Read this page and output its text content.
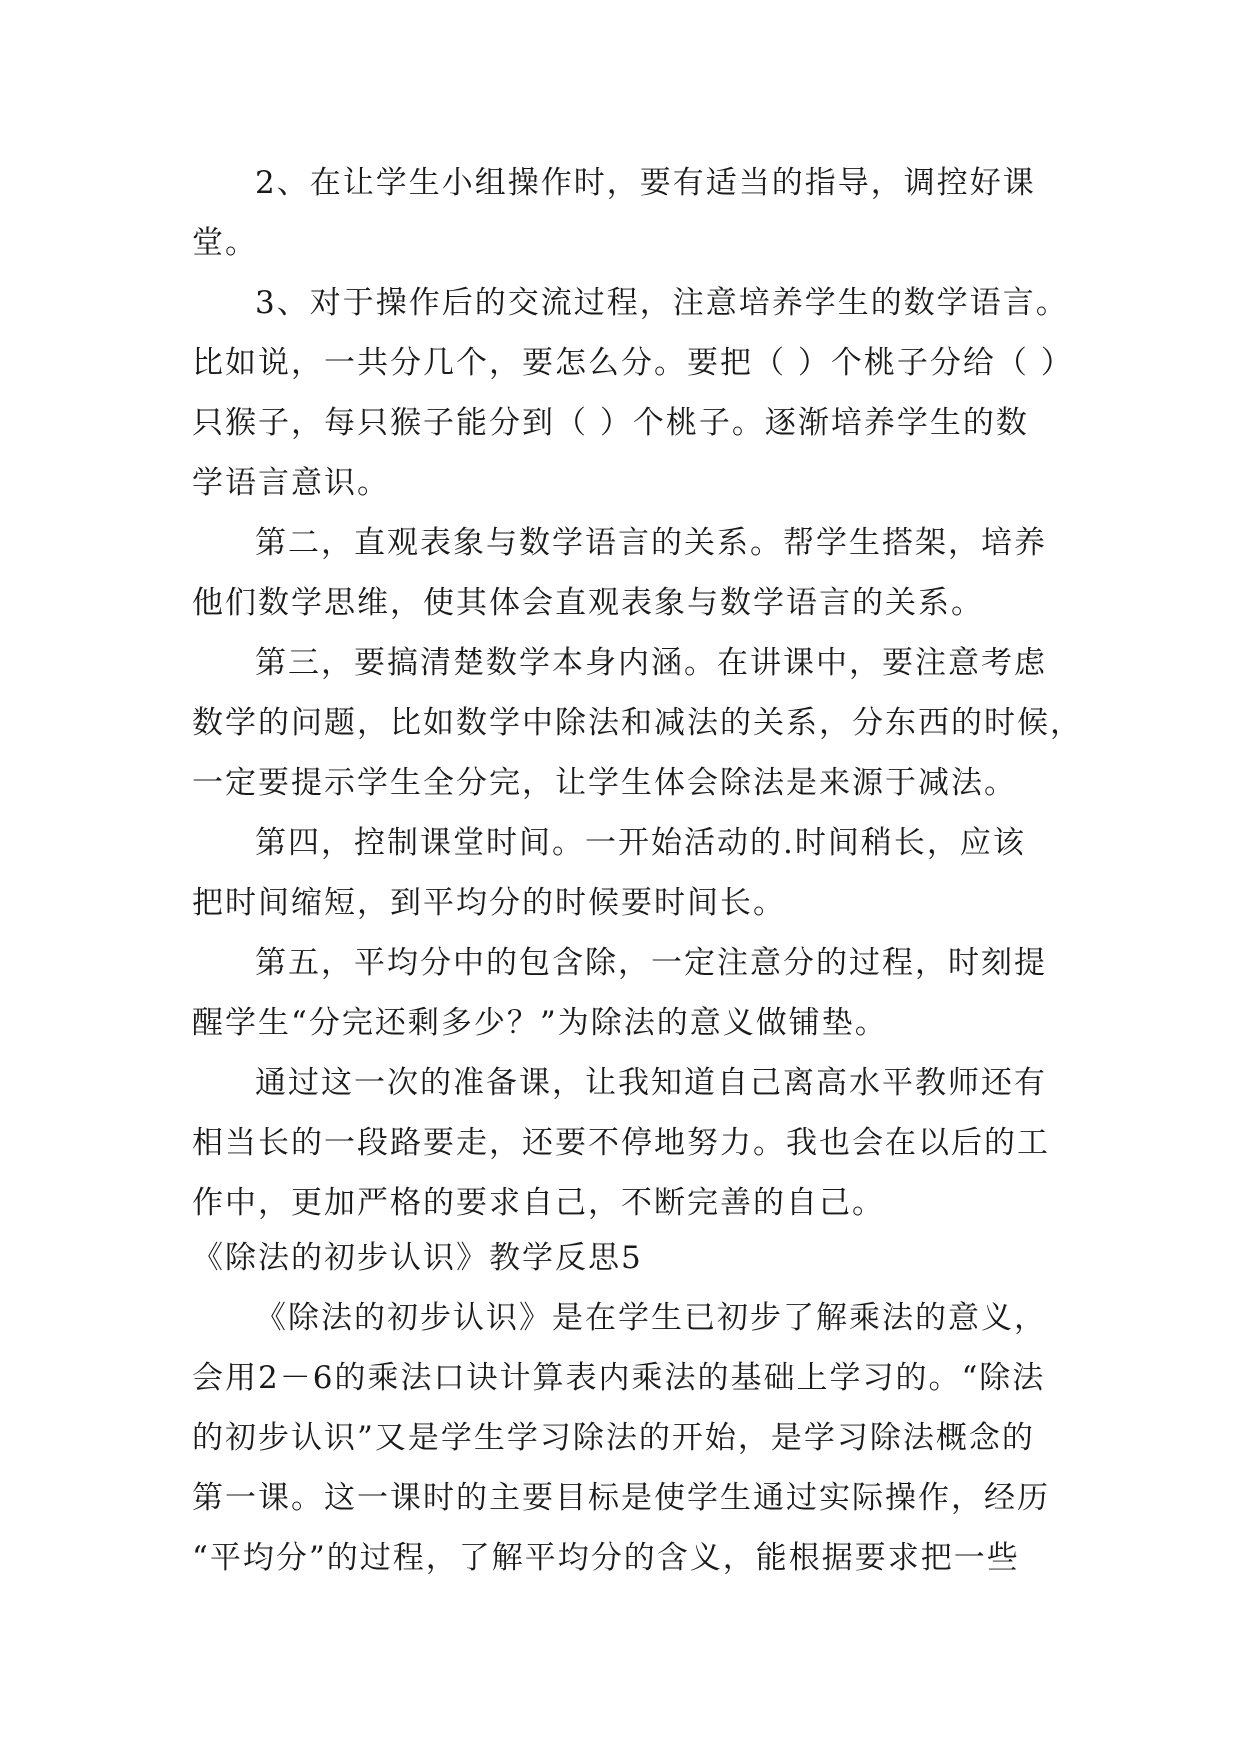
2、在让学生小组操作时，要有适当的指导，调控好课
堂。
3、对于操作后的交流过程，注意培养学生的数学语言。
比如说，一共分几个，要怎么分。要把（ ）个桃子分给（ ）
只猴子，每只猴子能分到（ ）个桃子。逐渐培养学生的数
学语言意识。
第二，直观表象与数学语言的关系。帮学生搭架，培养
他们数学思维，使其体会直观表象与数学语言的关系。
第三，要搞清楚数学本身内涵。在讲课中，要注意考虑
数学的问题，比如数学中除法和减法的关系，分东西的时候，
一定要提示学生全分完，让学生体会除法是来源于减法。
第四，控制课堂时间。一开始活动的.时间稍长，应该
把时间缩短，到平均分的时候要时间长。
第五，平均分中的包含除，一定注意分的过程，时刻提
醒学生“分完还剩多少？”为除法的意义做铺垫。
通过这一次的准备课，让我知道自己离高水平教师还有
相当长的一段路要走，还要不停地努力。我也会在以后的工
作中，更加严格的要求自己，不断完善的自己。
《除法的初步认识》教学反思5
《除法的初步认识》是在学生已初步了解乘法的意义，
会用2－6的乘法口诀计算表内乘法的基础上学习的。“除法
的初步认识”又是学生学习除法的开始，是学习除法概念的
第一课。这一课时的主要目标是使学生通过实际操作，经历
“平均分”的过程，了解平均分的含义，能根据要求把一些
